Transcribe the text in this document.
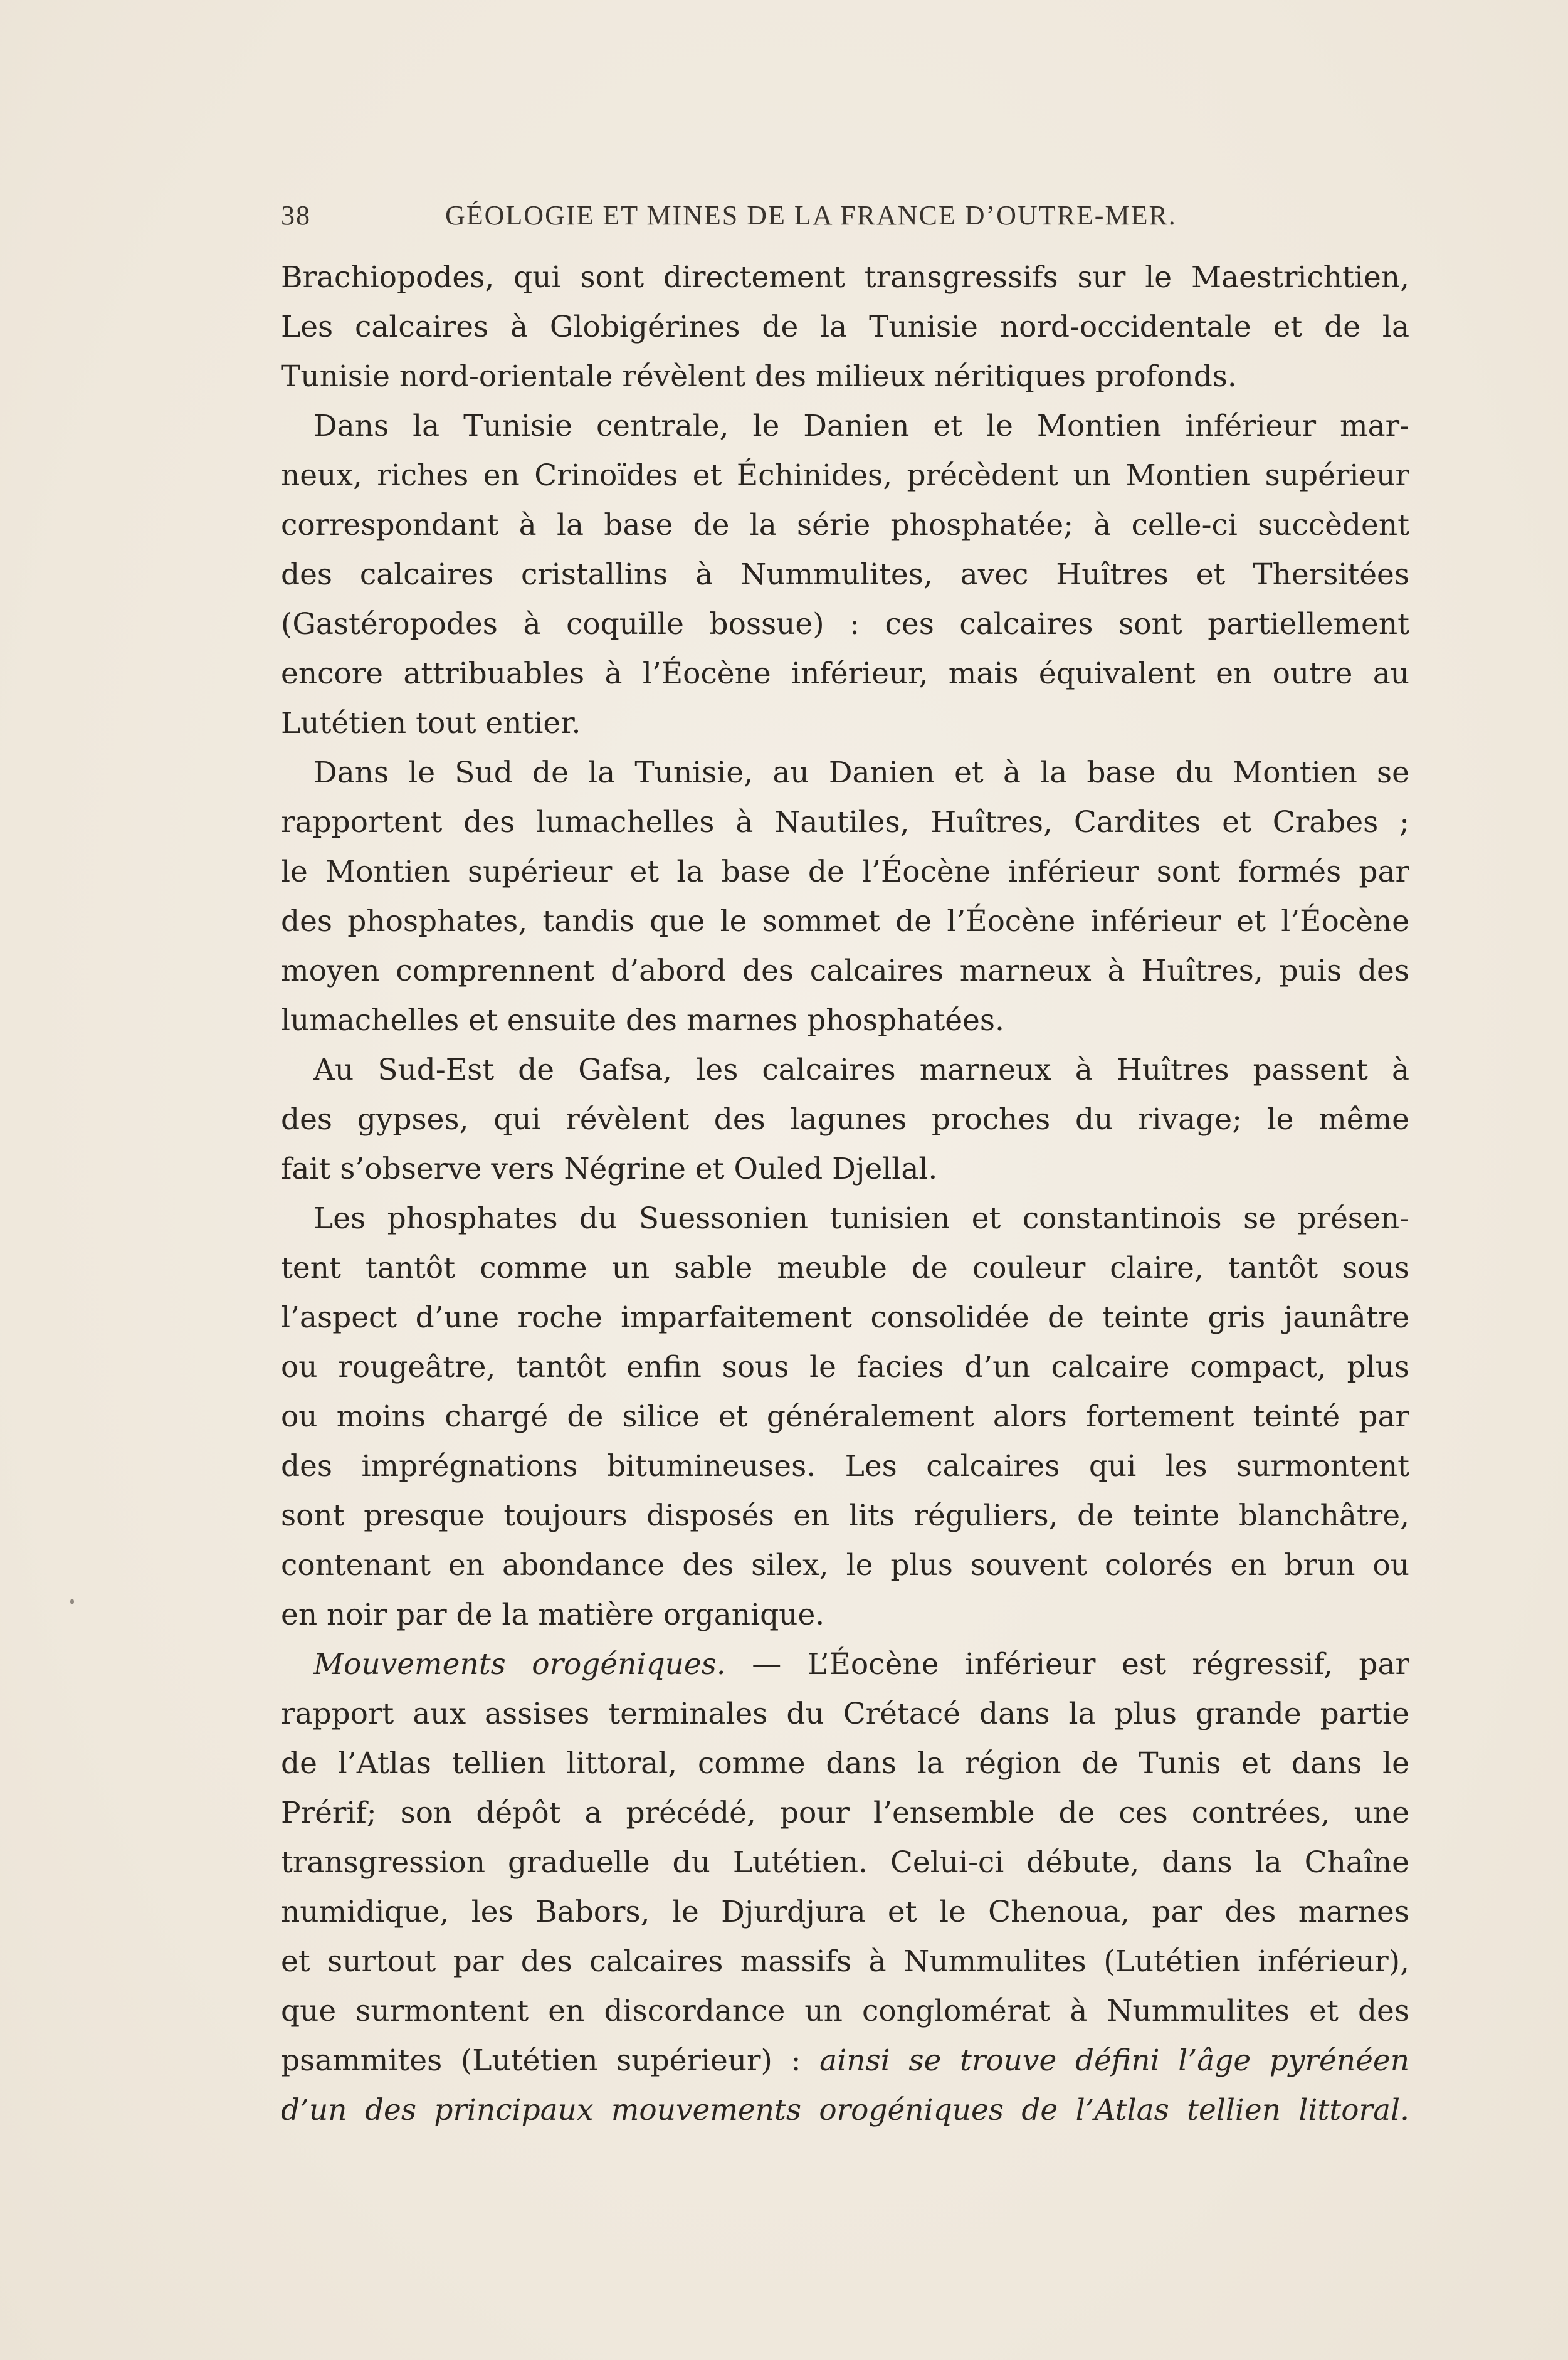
38	GÉOLOGIE ET MINES DE LA FRANCE D’OUTRE-MER.
Brachiopodes, qui sont directement transgressifs sur le Maestrichtien,
Les calcaires à Globigérines de la Tunisie nord-occidentale et de la
Tunisie nord-orientale révèlent des milieux néritiques profonds.
Dans la Tunisie centrale, le Danien et le Montien inférieur mar-
neux, riches en Crinoïdes et Échinides, précèdent un Montien supérieur
correspondant à la base de la série phosphatée; à celle-ci succèdent
des calcaires cristallins à Nummulites, avec Huîtres et Thersitées
(Gastéropodes à coquille bossue) : ces calcaires sont partiellement
encore attribuables à l’Éocène inférieur, mais équivalent en outre au
Lutétien tout entier.
Dans le Sud de la Tunisie, au Danien et à la base du Montien se
rapportent des lumachelles à Nautiles, Huîtres, Cardites et Crabes ;
le Montien supérieur et la base de l’Éocène inférieur sont formés par
des phosphates, tandis que le sommet de l’Éocène inférieur et l’Éocène
moyen comprennent d’abord des calcaires marneux à Huîtres, puis des
lumachelles et ensuite des marnes phosphatées.
Au Sud-Est de Gafsa, les calcaires marneux à Huîtres passent à
des gypses, qui révèlent des lagunes proches du rivage; le même
fait s’observe vers Négrine et Ouled Djellal.
Les phosphates du Suessonien tunisien et constantinois se présen-
tent tantôt comme un sable meuble de couleur claire, tantôt sous
l’aspect d’une roche imparfaitement consolidée de teinte gris jaunâtre
ou rougeâtre, tantôt enfin sous le facies d’un calcaire compact, plus
ou moins chargé de silice et généralement alors fortement teinté par
des imprégnations bitumineuses. Les calcaires qui les surmontent
sont presque toujours disposés en lits réguliers, de teinte blanchâtre,
contenant en abondance des silex, le plus souvent colorés en brun ou
en noir par de la matière organique.
Mouvements orogéniques. — L’Éocène inférieur est régressif, par
rapport aux assises terminales du Crétacé dans la plus grande partie
de l’Atlas tellien littoral, comme dans la région de Tunis et dans le
Prérif; son dépôt a précédé, pour l’ensemble de ces contrées, une
transgression graduelle du Lutétien. Celui-ci débute, dans la Chaîne
numidique, les Babors, le Djurdjura et le Chenoua, par des marnes
et surtout par des calcaires massifs à Nummulites (Lutétien inférieur),
que surmontent en discordance un conglomérat à Nummulites et des
psammites (Lutétien supérieur) : ainsi se trouve défini l’âge pyrénéen
d’un des principaux mouvements orogéniques de l’Atlas tellien littoral.
